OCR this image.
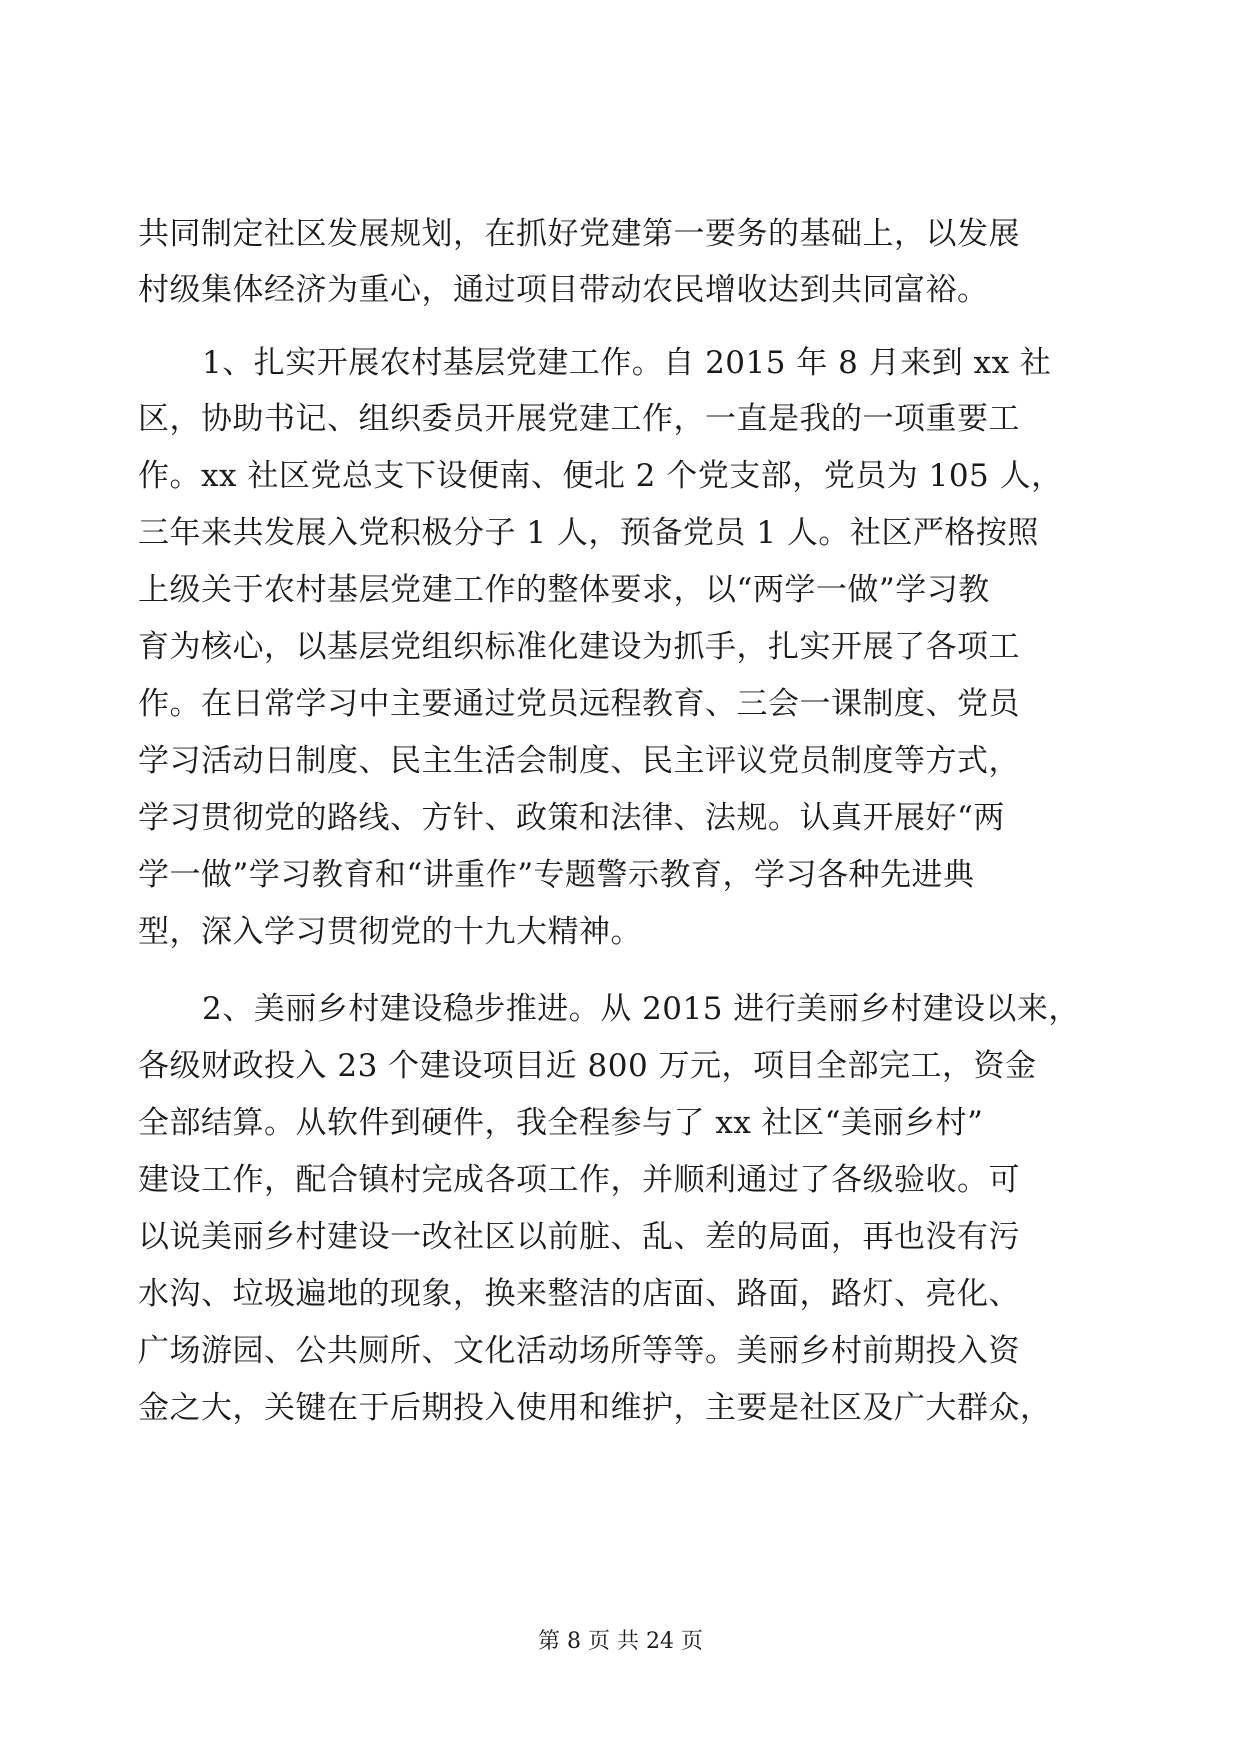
共同制定社区发展规划，在抓好党建第一要务的基础上，以发展
村级集体经济为重心，通过项目带动农民增收达到共同富裕。
1、扎实开展农村基层党建工作。自 2015 年 8 月来到 xx 社
区，协助书记、组织委员开展党建工作，一直是我的一项重要工
作。xx 社区党总支下设便南、便北 2 个党支部，党员为 105 人，
三年来共发展入党积极分子 1 人，预备党员 1 人。社区严格按照
上级关于农村基层党建工作的整体要求，以“两学一做”学习教
育为核心，以基层党组织标准化建设为抓手，扎实开展了各项工
作。在日常学习中主要通过党员远程教育、三会一课制度、党员
学习活动日制度、民主生活会制度、民主评议党员制度等方式，
学习贯彻党的路线、方针、政策和法律、法规。认真开展好“两
学一做”学习教育和“讲重作”专题警示教育，学习各种先进典
型，深入学习贯彻党的十九大精神。
2、美丽乡村建设稳步推进。从 2015 进行美丽乡村建设以来，
各级财政投入 23 个建设项目近 800 万元，项目全部完工，资金
全部结算。从软件到硬件，我全程参与了 xx 社区“美丽乡村”
建设工作，配合镇村完成各项工作，并顺利通过了各级验收。可
以说美丽乡村建设一改社区以前脏、乱、差的局面，再也没有污
水沟、垃圾遍地的现象，换来整洁的店面、路面，路灯、亮化、
广场游园、公共厕所、文化活动场所等等。美丽乡村前期投入资
金之大，关键在于后期投入使用和维护，主要是社区及广大群众，
第 8 页 共 24 页
